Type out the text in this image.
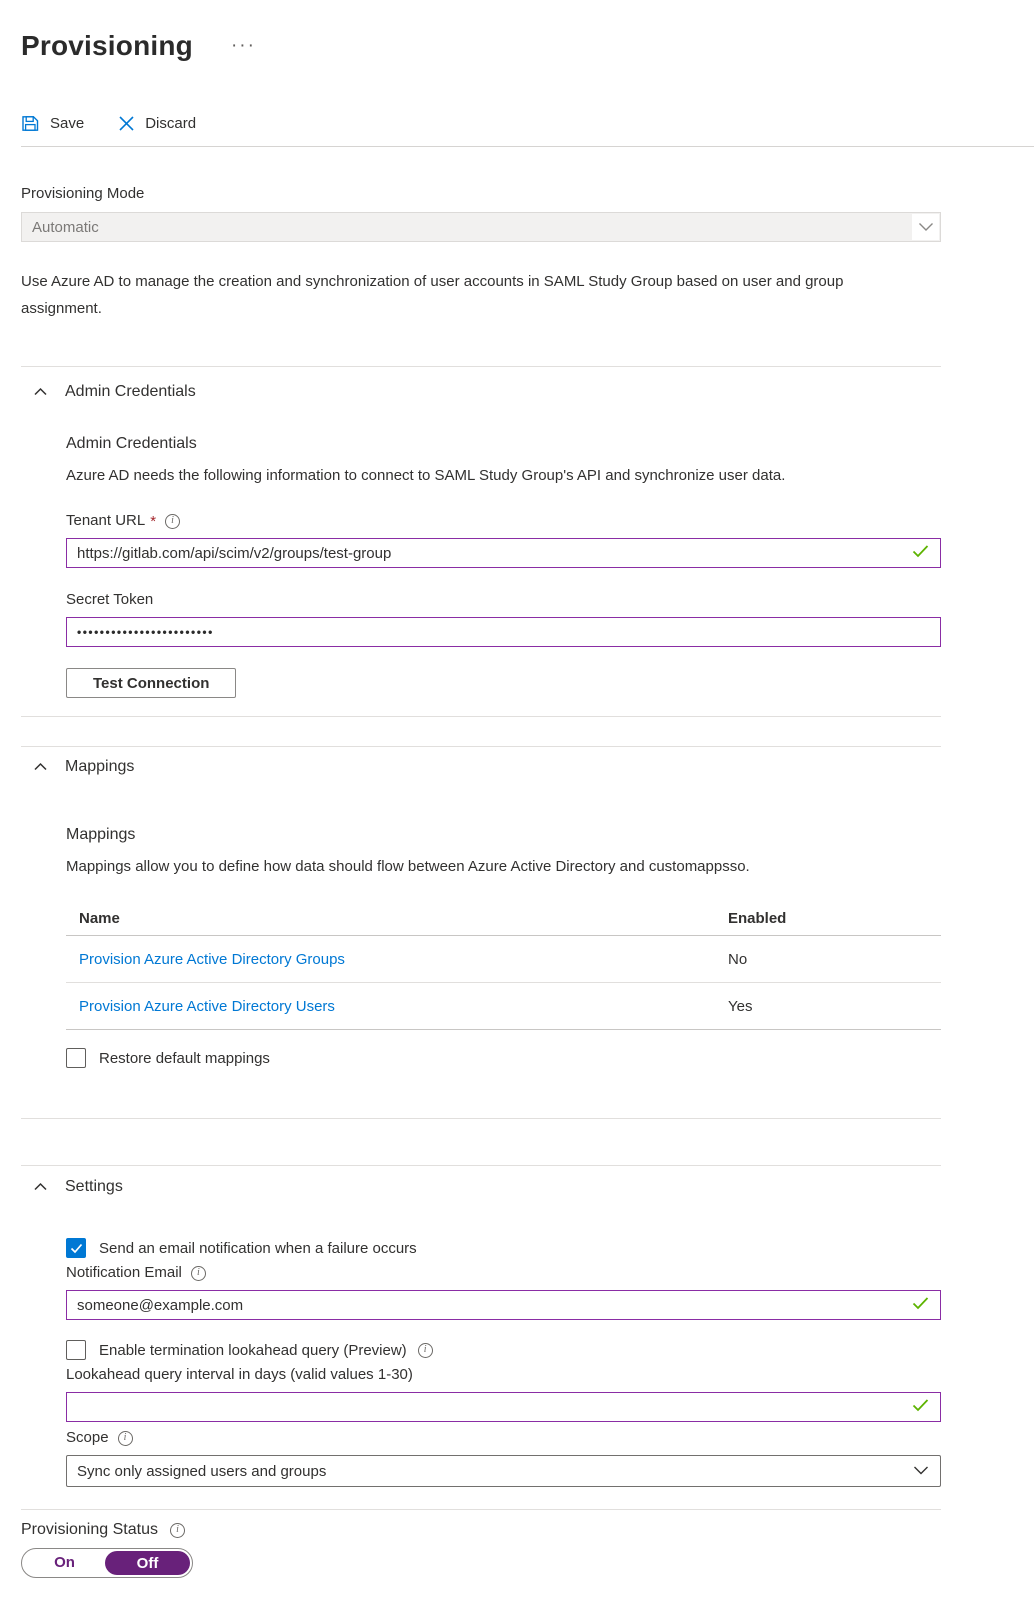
Provisioning ···
Save	Discard
Provisioning Mode
Automatic
Use Azure AD to manage the creation and synchronization of user accounts in SAML Study Group based on user and group assignment.
Admin Credentials
Admin Credentials
Azure AD needs the following information to connect to SAML Study Group's API and synchronize user data.
Tenant URL *	i
https://gitlab.com/api/scim/v2/groups/test-group
Secret Token
••••••••••••••••••••••••
Test Connection
Mappings
Mappings
Mappings allow you to define how data should flow between Azure Active Directory and customappsso.
Name	Enabled
Provision Azure Active Directory Groups	No
Provision Azure Active Directory Users	Yes
Restore default mappings
Settings
Send an email notification when a failure occurs
Notification Email	i
someone@example.com
Enable termination lookahead query (Preview)	i
Lookahead query interval in days (valid values 1-30)
Scope	i
Sync only assigned users and groups
Provisioning Status	i
On	Off
